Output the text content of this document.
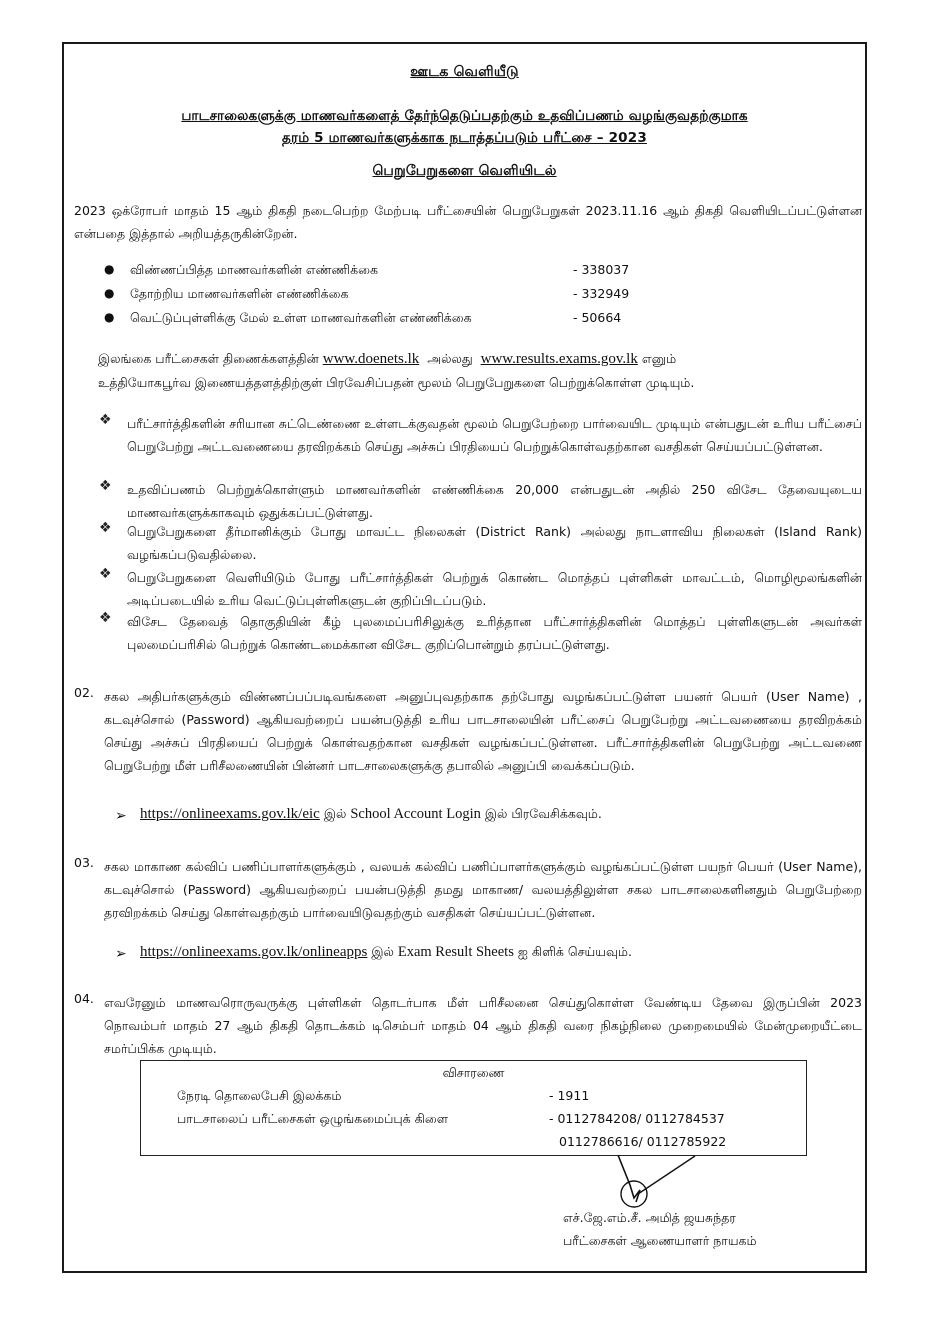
ஊடக வெளியீடு
பாடசாலைகளுக்கு மாணவர்களைத் தேர்ந்தெடுப்பதற்கும் உதவிப்பணம் வழங்குவதற்குமாக
தரம் 5 மாணவர்களுக்காக நடாத்தப்படும் பரீட்சை – 2023
பெறுபேறுகளை வெளியிடல்
2023 ஒக்ரோபர் மாதம் 15 ஆம் திகதி நடைபெற்ற மேற்படி பரீட்சையின் பெறுபேறுகள் 2023.11.16 ஆம் திகதி வெளியிடப்பட்டுள்ளன என்பதை இத்தால் அறியத்தருகின்றேன்.
● விண்ணப்பித்த மாணவர்களின் எண்ணிக்கை	- 338037
● தோற்றிய மாணவர்களின் எண்ணிக்கை	- 332949
● வெட்டுப்புள்ளிக்கு மேல் உள்ள மாணவர்களின் எண்ணிக்கை	- 50664
இலங்கை பரீட்சைகள் திணைக்களத்தின் www.doenets.lk அல்லது www.results.exams.gov.lk எனும்
உத்தியோகபூர்வ இணையத்தளத்திற்குள் பிரவேசிப்பதன் மூலம் பெறுபேறுகளை பெற்றுக்கொள்ள முடியும்.
❖ பரீட்சார்த்திகளின் சரியான சுட்டெண்ணை உள்ளடக்குவதன் மூலம் பெறுபேற்றை பார்வையிட முடியும் என்பதுடன் உரிய பரீட்சைப் பெறுபேற்று அட்டவணையை தரவிறக்கம் செய்து அச்சுப் பிரதியைப் பெற்றுக்கொள்வதற்கான வசதிகள் செய்யப்பட்டுள்ளன.
❖ உதவிப்பணம் பெற்றுக்கொள்ளும் மாணவர்களின் எண்ணிக்கை 20,000 என்பதுடன் அதில் 250 விசேட தேவையுடைய மாணவர்களுக்காகவும் ஒதுக்கப்பட்டுள்ளது.
❖ பெறுபேறுகளை தீர்மானிக்கும் போது மாவட்ட நிலைகள் (District Rank) அல்லது நாடளாவிய நிலைகள் (Island Rank) வழங்கப்படுவதில்லை.
❖ பெறுபேறுகளை வெளியிடும் போது பரீட்சார்த்திகள் பெற்றுக் கொண்ட மொத்தப் புள்ளிகள் மாவட்டம், மொழிமூலங்களின் அடிப்படையில் உரிய வெட்டுப்புள்ளிகளுடன் குறிப்பிடப்படும்.
❖ விசேட தேவைத் தொகுதியின் கீழ் புலமைப்பரிசிலுக்கு உரித்தான பரீட்சார்த்திகளின் மொத்தப் புள்ளிகளுடன் அவர்கள் புலமைப்பரிசில் பெற்றுக் கொண்டமைக்கான விசேட குறிப்பொன்றும் தரப்பட்டுள்ளது.
02. சகல அதிபர்களுக்கும் விண்ணப்பப்படிவங்களை அனுப்புவதற்காக தற்போது வழங்கப்பட்டுள்ள பயனர் பெயர் (User Name) , கடவுச்சொல் (Password) ஆகியவற்றைப் பயன்படுத்தி உரிய பாடசாலையின் பரீட்சைப் பெறுபேற்று அட்டவணையை தரவிறக்கம் செய்து அச்சுப் பிரதியைப் பெற்றுக் கொள்வதற்கான வசதிகள் வழங்கப்பட்டுள்ளன. பரீட்சார்த்திகளின் பெறுபேற்று அட்டவணை பெறுபேற்று மீள் பரிசீலணையின் பின்னர் பாடசாலைகளுக்கு தபாலில் அனுப்பி வைக்கப்படும்.
➢ https://onlineexams.gov.lk/eic இல் School Account Login இல் பிரவேசிக்கவும்.
03. சகல மாகாண கல்விப் பணிப்பாளர்களுக்கும் , வலயக் கல்விப் பணிப்பாளர்களுக்கும் வழங்கப்பட்டுள்ள பயநர் பெயர் (User Name), கடவுச்சொல் (Password) ஆகியவற்றைப் பயன்படுத்தி தமது மாகாண/ வலயத்திலுள்ள சகல பாடசாலைகளினதும் பெறுபேற்றை தரவிறக்கம் செய்து கொள்வதற்கும் பார்வையிடுவதற்கும் வசதிகள் செய்யப்பட்டுள்ளன.
➢ https://onlineexams.gov.lk/onlineapps இல் Exam Result Sheets ஐ கிளிக் செய்யவும்.
04. எவரேனும் மாணவரொருவருக்கு புள்ளிகள் தொடர்பாக மீள் பரிசீலனை செய்துகொள்ள வேண்டிய தேவை இருப்பின் 2023 நொவம்பர் மாதம் 27 ஆம் திகதி தொடக்கம் டிசெம்பர் மாதம் 04 ஆம் திகதி வரை நிகழ்நிலை முறைமையில் மேன்முறையீட்டை சமர்ப்பிக்க முடியும்.
விசாரணை
நேரடி தொலைபேசி இலக்கம்	- 1911
பாடசாலைப் பரீட்சைகள் ஒழுங்கமைப்புக் கிளை	- 0112784208/ 0112784537
0112786616/ 0112785922
எச்.ஜே.எம்.சீ. அமித் ஜயசுந்தர
பரீட்சைகள் ஆணையாளர் நாயகம்
